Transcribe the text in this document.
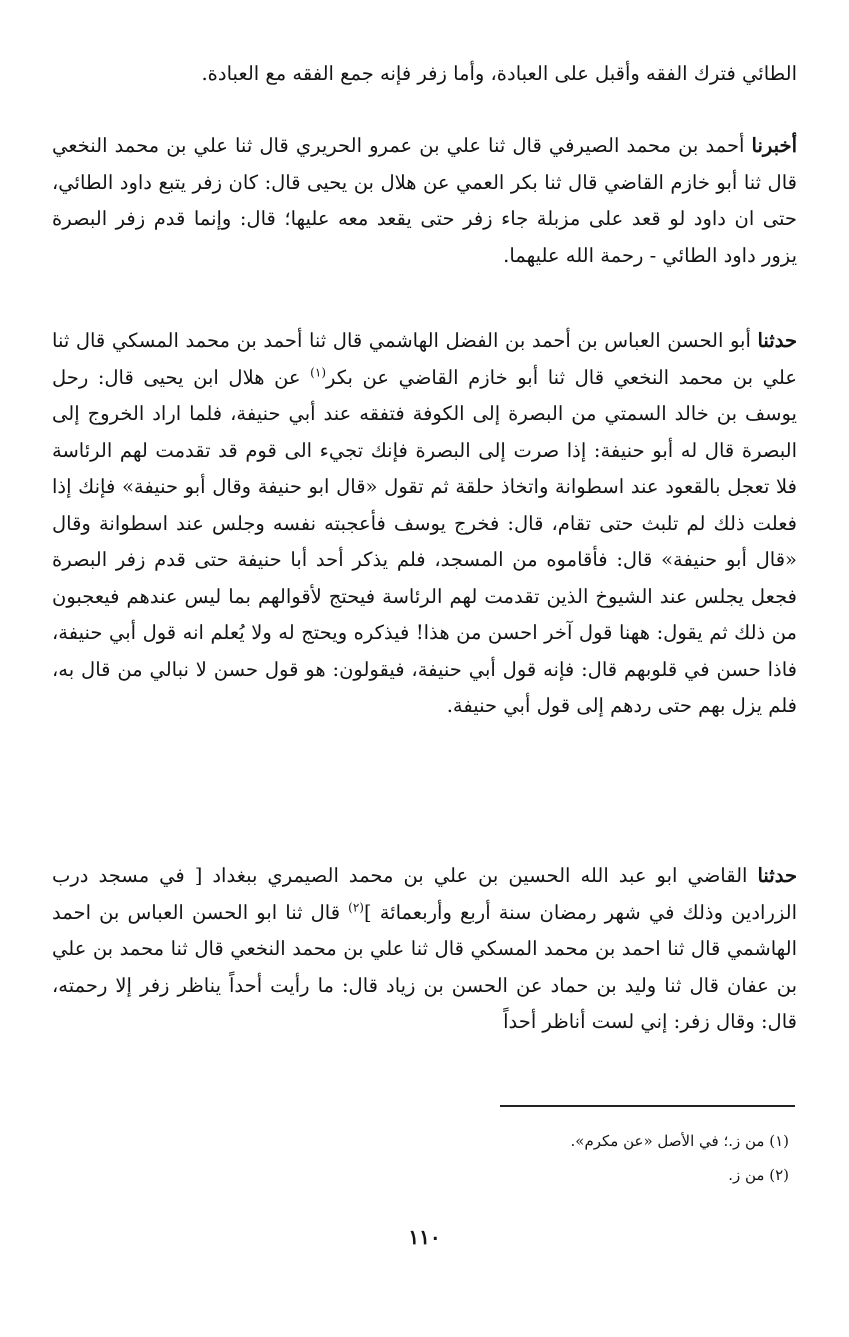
الطائي فترك الفقه وأقبل على العبادة، وأما زفر فإنه جمع الفقه مع العبادة.

أخبرنا أحمد بن محمد الصيرفي قال ثنا علي بن عمرو الحريري قال ثنا علي بن محمد النخعي قال ثنا أبو خازم القاضي قال ثنا بكر العمي عن هلال بن يحيى قال: كان زفر يتبع داود الطائي، حتى ان داود لو قعد على مزبلة جاء زفر حتى يقعد معه عليها؛ قال: وإنما قدم زفر البصرة يزور داود الطائي - رحمة الله عليهما.

حدثنا أبو الحسن العباس بن أحمد بن الفضل الهاشمي قال ثنا أحمد بن محمد المسكي قال ثنا علي بن محمد النخعي قال ثنا أبو خازم القاضي عن بكر$^{(١)}$ عن هلال ابن يحيى قال: رحل يوسف بن خالد السمتي من البصرة إلى الكوفة فتفقه عند أبي حنيفة، فلما اراد الخروج إلى البصرة قال له أبو حنيفة: إذا صرت إلى البصرة فإنك تجيء الى قوم قد تقدمت لهم الرئاسة فلا تعجل بالقعود عند اسطوانة واتخاذ حلقة ثم تقول «قال ابو حنيفة وقال أبو حنيفة» فإنك إذا فعلت ذلك لم تلبث حتى تقام، قال: فخرج يوسف فأعجبته نفسه وجلس عند اسطوانة وقال «قال أبو حنيفة» قال: فأقاموه من المسجد، فلم يذكر أحد أبا حنيفة حتى قدم زفر البصرة فجعل يجلس عند الشيوخ الذين تقدمت لهم الرئاسة فيحتج لأقوالهم بما ليس عندهم فيعجبون من ذلك ثم يقول: ههنا قول آخر احسن من هذا! فيذكره ويحتج له ولا يُعلم انه قول أبي حنيفة، فاذا حسن في قلوبهم قال: فإنه قول أبي حنيفة، فيقولون: هو قول حسن لا نبالي من قال به، فلم يزل بهم حتى ردهم إلى قول أبي حنيفة.

حدثنا القاضي ابو عبد الله الحسين بن علي بن محمد الصيمري ببغداد [ في مسجد درب الزرادين وذلك في شهر رمضان سنة أربع وأربعمائة ]$^{(٢)}$ قال ثنا ابو الحسن العباس بن احمد الهاشمي قال ثنا احمد بن محمد المسكي قال ثنا علي بن محمد النخعي قال ثنا محمد بن علي بن عفان قال ثنا وليد بن حماد عن الحسن بن زياد قال: ما رأيت أحداً يناظر زفر إلا رحمته، قال: وقال زفر: إني لست أناظر أحداً

(١) من ز.؛ في الأصل «عن مكرم».
(٢) من ز.
١١٠
